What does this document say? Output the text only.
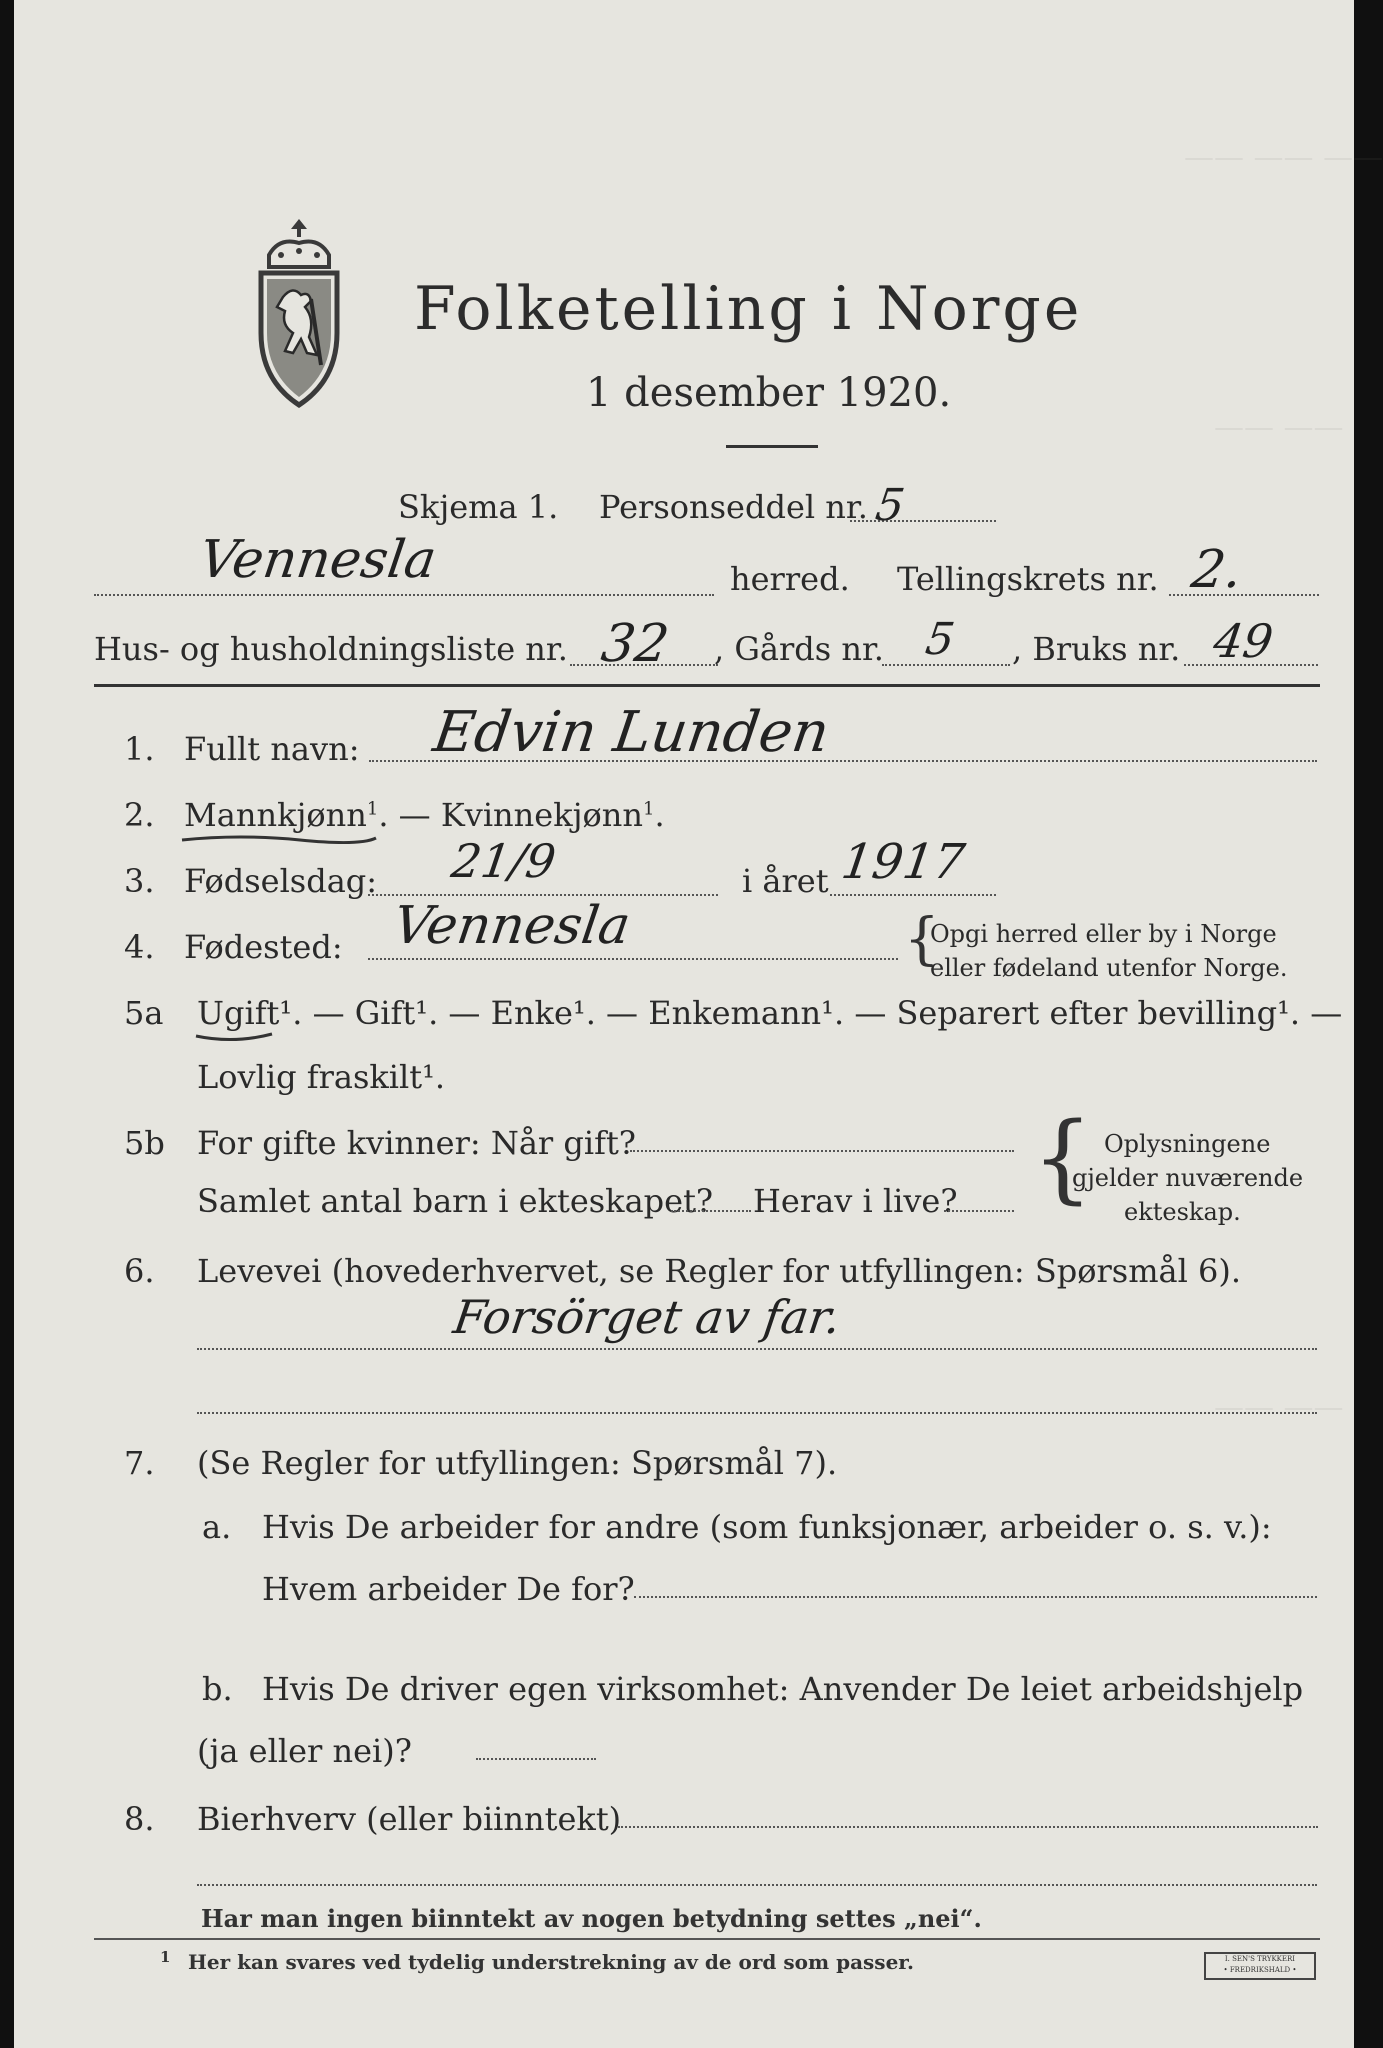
—— —— ——
—— ——
—— ——
Folketelling i Norge
1 desember 1920.
Skjema 1. Personseddel nr. 5
Vennesla	herred. Tellingskrets nr. 2.
Hus- og husholdningsliste nr. 32 , Gårds nr. 5 , Bruks nr. 49
1. Fullt navn: Edvin Lunden
2. Mannkjønn$^1$. — Kvinnekjønn$^1$.
3. Fødselsdag: 21/9	i året 1917
4. Fødested: Vennesla	{
Opgi herred eller by i Norge
eller fødeland utenfor Norge.
5a Ugift¹. — Gift¹. — Enke¹. — Enkemann¹. — Separert efter bevilling¹. —
Lovlig fraskilt¹.
5b For gifte kvinner: Når gift?
Samlet antal barn i ekteskapet? Herav i live? { Oplysningene
gjelder nuværende
ekteskap.
6. Levevei (hovederhvervet, se Regler for utfyllingen: Spørsmål 6).
Forsörget av far.
7. (Se Regler for utfyllingen: Spørsmål 7).
a. Hvis De arbeider for andre (som funksjonær, arbeider o. s. v.):
Hvem arbeider De for?
b. Hvis De driver egen virksomhet: Anvender De leiet arbeidshjelp
(ja eller nei)?
8. Bierhverv (eller biinntekt)
Har man ingen biinntekt av nogen betydning settes „nei“.
1 Her kan svares ved tydelig understrekning av de ord som passer.	I. SEN'S TRYKKERI
• FREDRIKSHALD •
